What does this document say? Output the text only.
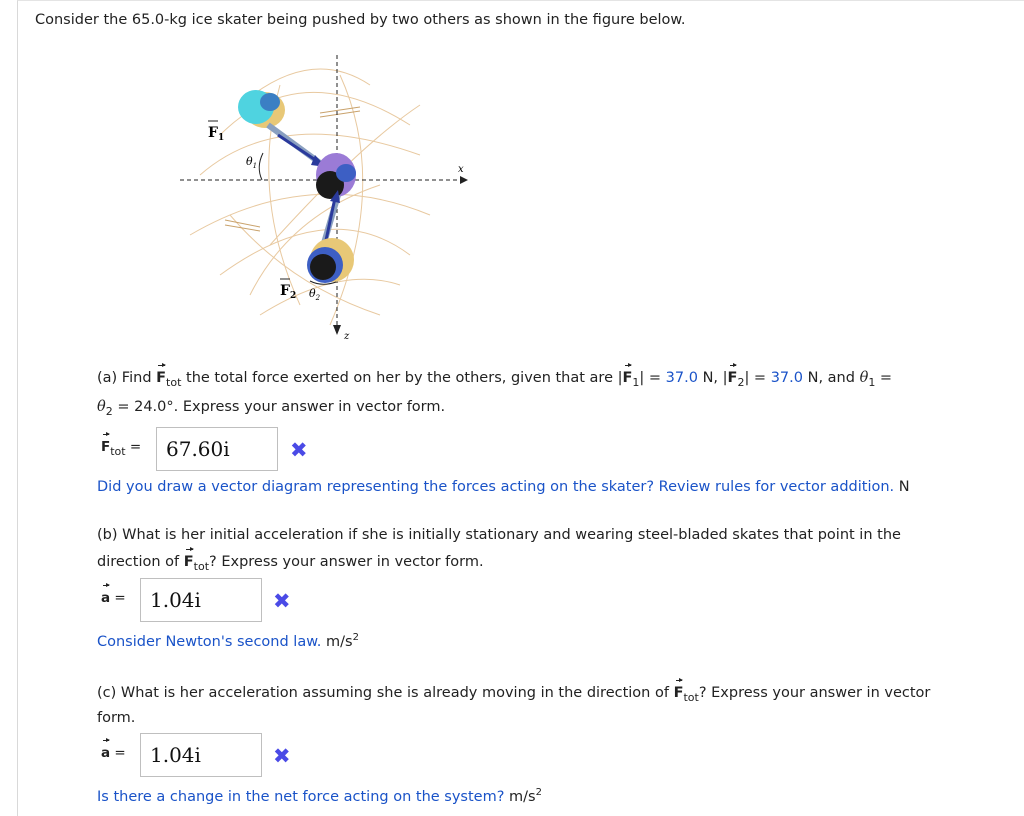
Consider the 65.0-kg ice skater being pushed by two others as shown in the figure below.
$F_1$
$\theta_1$
$F_2$ $\theta_2$
x
z
(a) Find $F_{tot}$ the total force exerted on her by the others, given that are $|F_1| = 37.0$ N, $|F_2| = 37.0$ N, and $\theta_1$ =
$\theta_2 = 24.0^\circ$. Express your answer in vector form.
$F_{tot}$ =	67.60i	✖
Did you draw a vector diagram representing the forces acting on the skater? Review rules for vector addition. N
(b) What is her initial acceleration if she is initially stationary and wearing steel-bladed skates that point in the
direction of $F_{tot}$? Express your answer in vector form.
a =	1.04i	✖
Consider Newton's second law. $m/s^2$
(c) What is her acceleration assuming she is already moving in the direction of $F_{tot}$? Express your answer in vector
form.
a =	1.04i	✖
Is there a change in the net force acting on the system? $m/s^2$
